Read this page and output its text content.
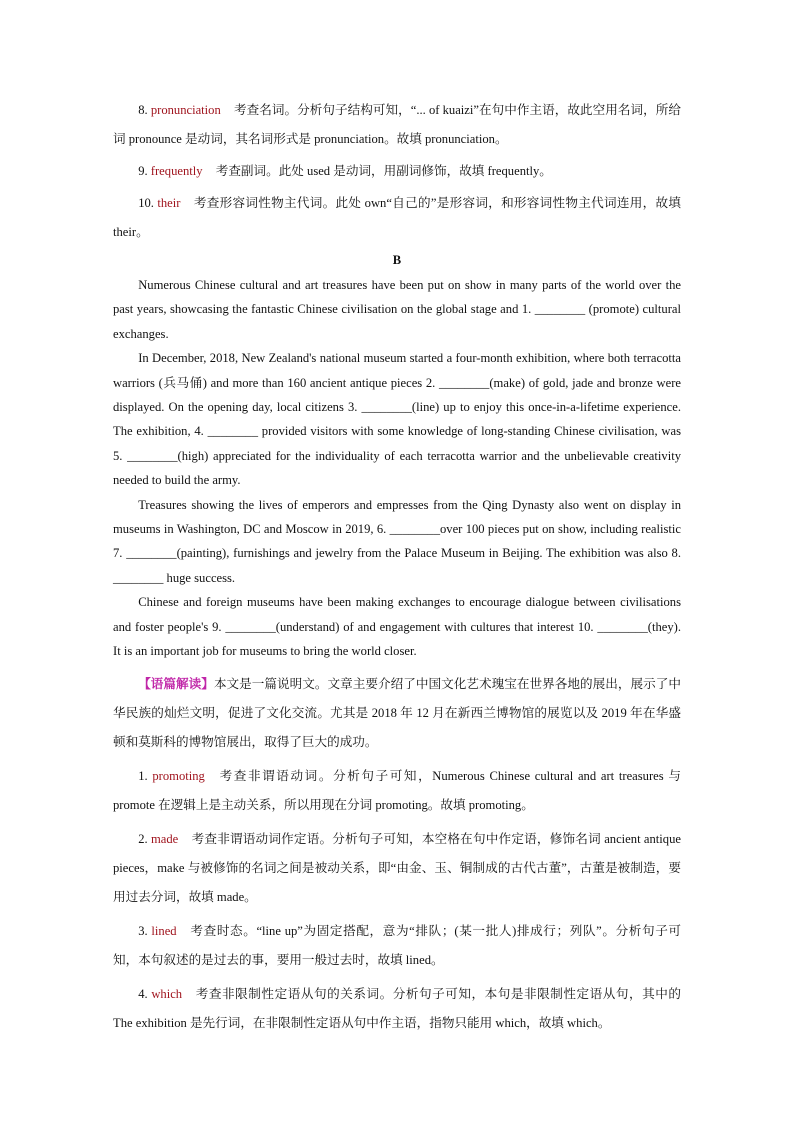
8. pronunciation 考查名词。分析句子结构可知，“... of kuaizi”在句中作主语，故此空用名词，所给词 pronounce 是动词，其名词形式是 pronunciation。故填 pronunciation。

9. frequently 考查副词。此处 used 是动词，用副词修饰，故填 frequently。

10. their 考查形容词性物主代词。此处 own“自己的”是形容词，和形容词性物主代词连用，故填 their。

B

Numerous Chinese cultural and art treasures have been put on show in many parts of the world over the past years, showcasing the fantastic Chinese civilisation on the global stage and 1. ________ (promote) cultural exchanges.

In December, 2018, New Zealand's national museum started a four-month exhibition, where both terracotta warriors (兵马俑) and more than 160 ancient antique pieces 2. ________(make) of gold, jade and bronze were displayed. On the opening day, local citizens 3. ________(line) up to enjoy this once-in-a-lifetime experience. The exhibition, 4. ________ provided visitors with some knowledge of long-standing Chinese civilisation, was 5. ________(high) appreciated for the individuality of each terracotta warrior and the unbelievable creativity needed to build the army.

Treasures showing the lives of emperors and empresses from the Qing Dynasty also went on display in museums in Washington, DC and Moscow in 2019, 6. ________over 100 pieces put on show, including realistic 7. ________(painting), furnishings and jewelry from the Palace Museum in Beijing. The exhibition was also 8. ________ huge success.

Chinese and foreign museums have been making exchanges to encourage dialogue between civilisations and foster people's 9. ________(understand) of and engagement with cultures that interest 10. ________(they). It is an important job for museums to bring the world closer.

【语篇解读】本文是一篇说明文。文章主要介绍了中国文化艺术瑰宝在世界各地的展出，展示了中华民族的灿烂文明，促进了文化交流。尤其是 2018 年 12 月在新西兰博物馆的展览以及 2019 年在华盛顿和莫斯科的博物馆展出，取得了巨大的成功。

1. promoting 考查非谓语动词。分析句子可知，Numerous Chinese cultural and art treasures 与 promote 在逻辑上是主动关系，所以用现在分词 promoting。故填 promoting。

2. made 考查非谓语动词作定语。分析句子可知，本空格在句中作定语，修饰名词 ancient antique pieces，make 与被修饰的名词之间是被动关系，即“由金、玉、铜制成的古代古董”，古董是被制造，要用过去分词，故填 made。

3. lined 考查时态。“line up”为固定搭配，意为“排队；(某一批人)排成行；列队”。分析句子可知，本句叙述的是过去的事，要用一般过去时，故填 lined。

4. which 考查非限制性定语从句的关系词。分析句子可知，本句是非限制性定语从句，其中的 The exhibition 是先行词，在非限制性定语从句中作主语，指物只能用 which，故填 which。
